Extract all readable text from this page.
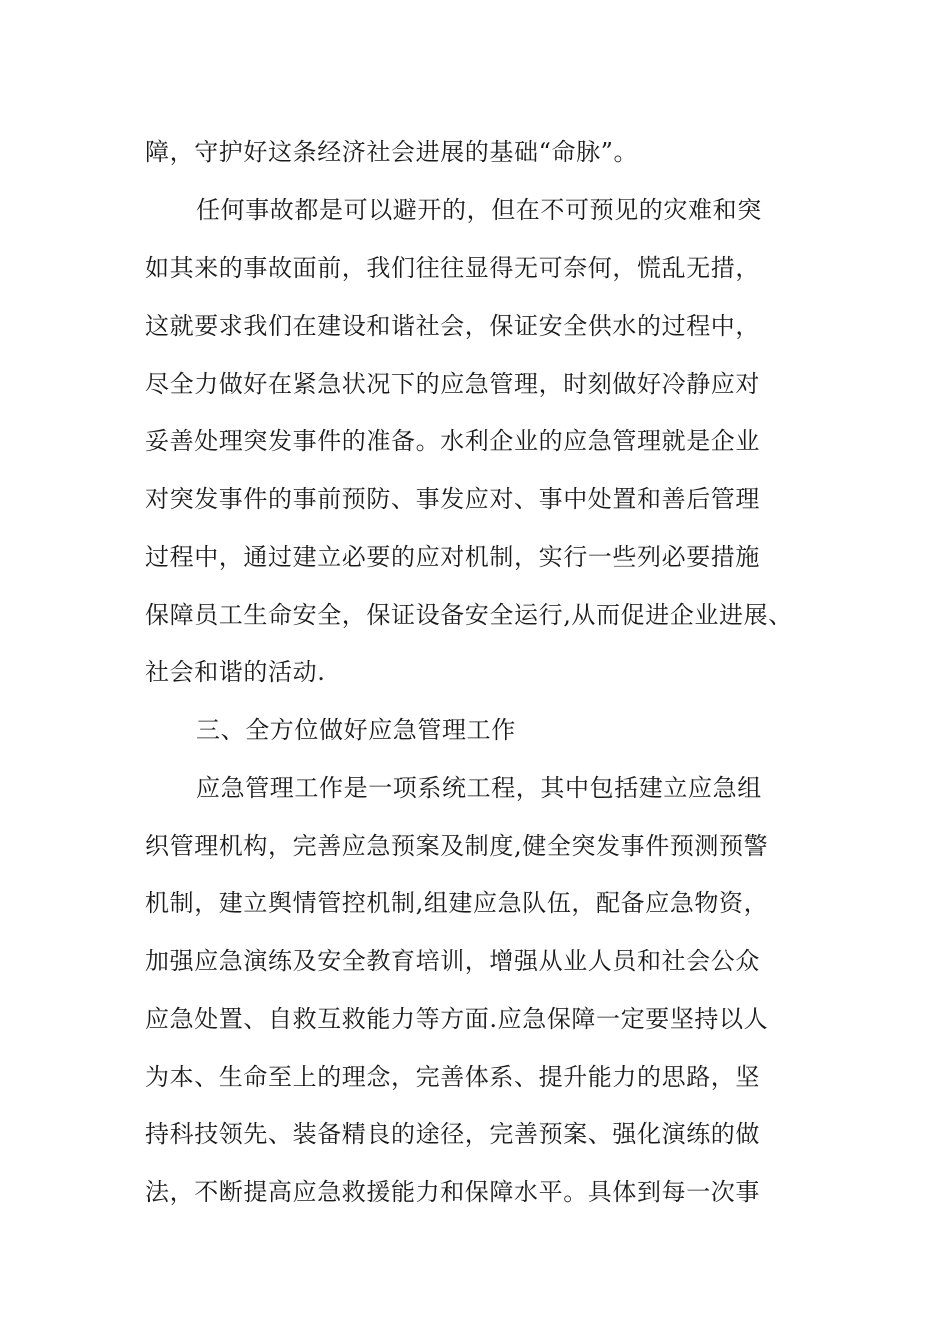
障，守护好这条经济社会进展的基础“命脉”。
任何事故都是可以避开的，但在不可预见的灾难和突
如其来的事故面前，我们往往显得无可奈何，慌乱无措，
这就要求我们在建设和谐社会，保证安全供水的过程中，
尽全力做好在紧急状况下的应急管理，时刻做好冷静应对
妥善处理突发事件的准备。水利企业的应急管理就是企业
对突发事件的事前预防、事发应对、事中处置和善后管理
过程中，通过建立必要的应对机制，实行一些列必要措施
保障员工生命安全，保证设备安全运行,从而促进企业进展、
社会和谐的活动.
三、全方位做好应急管理工作
应急管理工作是一项系统工程，其中包括建立应急组
织管理机构，完善应急预案及制度,健全突发事件预测预警
机制，建立舆情管控机制,组建应急队伍，配备应急物资，
加强应急演练及安全教育培训，增强从业人员和社会公众
应急处置、自救互救能力等方面.应急保障一定要坚持以人
为本、生命至上的理念，完善体系、提升能力的思路，坚
持科技领先、装备精良的途径，完善预案、强化演练的做
法，不断提高应急救援能力和保障水平。具体到每一次事
